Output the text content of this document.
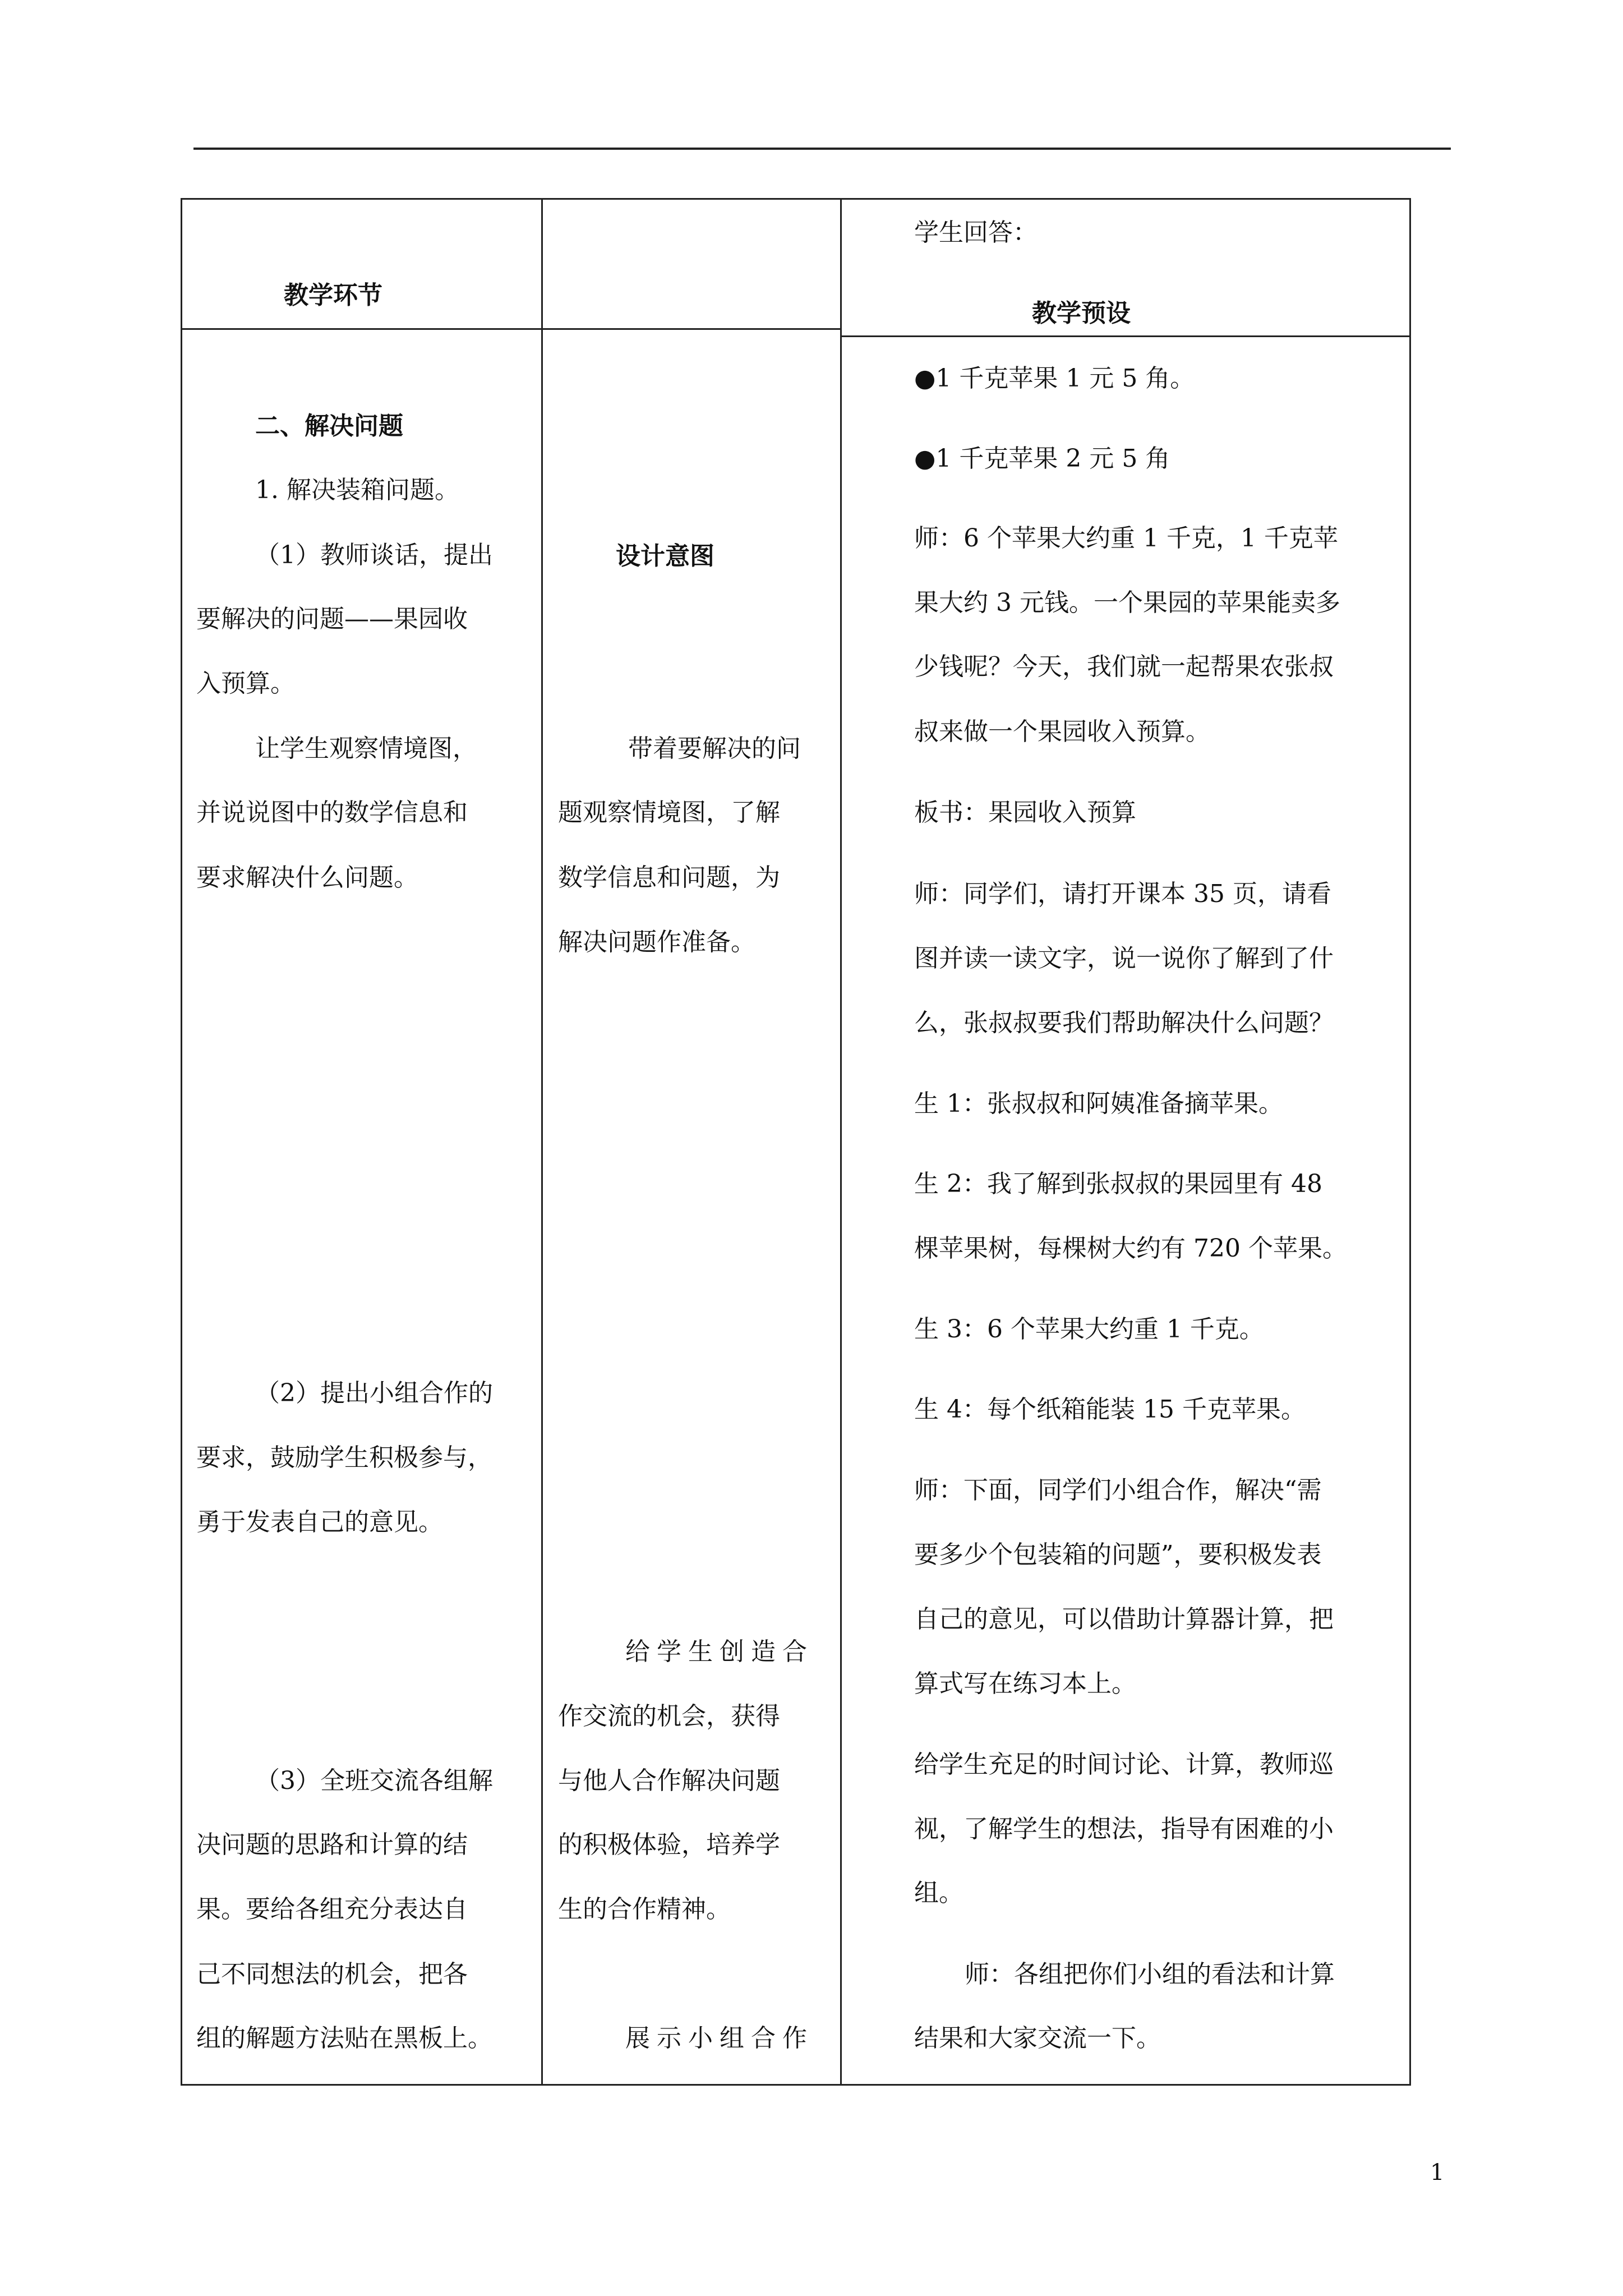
教学环节
设计意图
学生回答：
教学预设
二、解决问题
1. 解决装箱问题。
（1）教师谈话，提出
要解决的问题——果园收
入预算。
让学生观察情境图，
并说说图中的数学信息和
要求解决什么问题。
（2）提出小组合作的
要求，鼓励学生积极参与，
勇于发表自己的意见。
（3）全班交流各组解
决问题的思路和计算的结
果。要给各组充分表达自
己不同想法的机会，把各
组的解题方法贴在黑板上。
带着要解决的问
题观察情境图，了解
数学信息和问题，为
解决问题作准备。
给学生创造合
作交流的机会，获得
与他人合作解决问题
的积极体验，培养学
生的合作精神。
展示小组合作
●1 千克苹果 1 元 5 角。
●1 千克苹果 2 元 5 角
师：6 个苹果大约重 1 千克，1 千克苹
果大约 3 元钱。一个果园的苹果能卖多
少钱呢？今天，我们就一起帮果农张叔
叔来做一个果园收入预算。
板书：果园收入预算
师：同学们，请打开课本 35 页，请看
图并读一读文字，说一说你了解到了什
么，张叔叔要我们帮助解决什么问题？
生 1：张叔叔和阿姨准备摘苹果。
生 2：我了解到张叔叔的果园里有 48
棵苹果树，每棵树大约有 720 个苹果。
生 3：6 个苹果大约重 1 千克。
生 4：每个纸箱能装 15 千克苹果。
师：下面，同学们小组合作，解决“需
要多少个包装箱的问题”，要积极发表
自己的意见，可以借助计算器计算，把
算式写在练习本上。
给学生充足的时间讨论、计算，教师巡
视，了解学生的想法，指导有困难的小
组。
师：各组把你们小组的看法和计算
结果和大家交流一下。
1
